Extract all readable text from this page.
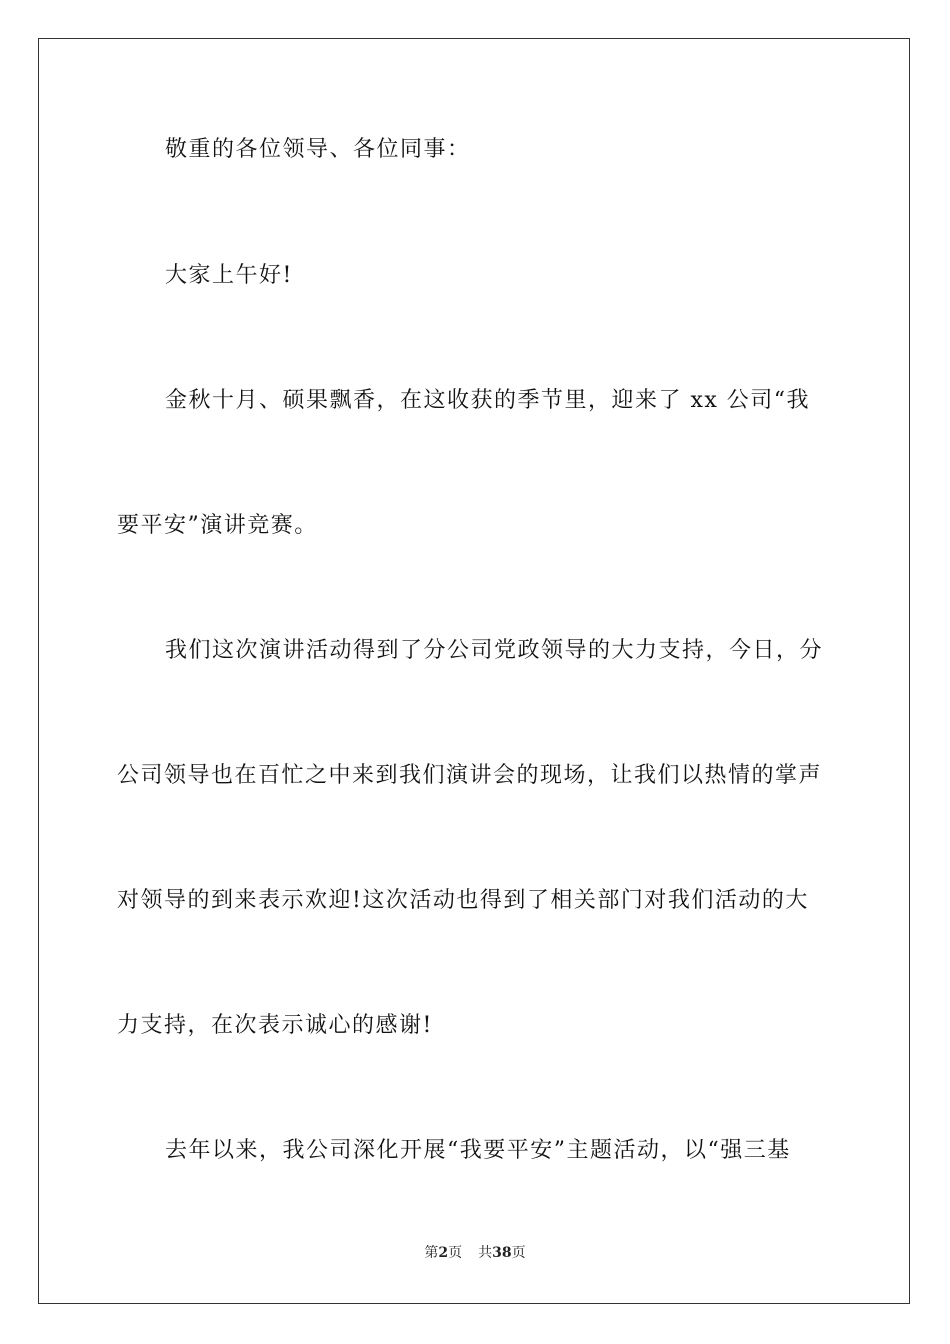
敬重的各位领导、各位同事：
大家上午好!
金秋十月、硕果飘香，在这收获的季节里，迎来了 xx 公司“我
要平安”演讲竞赛。
我们这次演讲活动得到了分公司党政领导的大力支持，今日，分
公司领导也在百忙之中来到我们演讲会的现场，让我们以热情的掌声
对领导的到来表示欢迎!这次活动也得到了相关部门对我们活动的大
力支持，在次表示诚心的感谢!
去年以来，我公司深化开展“我要平安”主题活动，以“强三基
第2页 共38页
